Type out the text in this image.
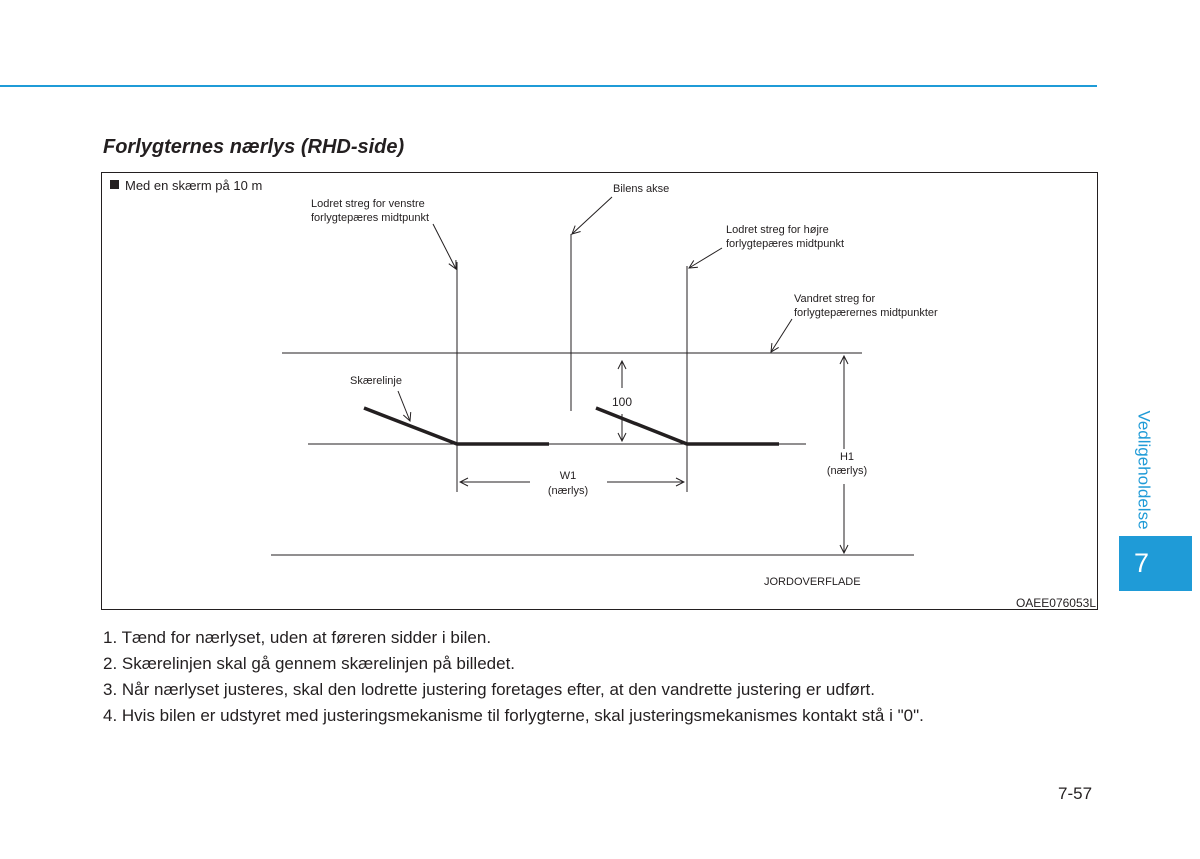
Forlygternes nærlys (RHD-side)
Med en skærm på 10 m	Bilens akse
Lodret streg for venstre
forlygtepæres midtpunkt
Lodret streg for højre
forlygtepæres midtpunkt
Vandret streg for
forlygtepærernes midtpunkter
Skærelinje
100
W1
(nærlys)
H1
(nærlys)
JORDOVERFLADE
OAEE076053L
1. Tænd for nærlyset, uden at føreren sidder i bilen.
2. Skærelinjen skal gå gennem skærelinjen på billedet.
3. Når nærlyset justeres, skal den lodrette justering foretages efter, at den vandrette justering er udført.
4. Hvis bilen er udstyret med justeringsmekanisme til forlygterne, skal justeringsmekanismes kontakt stå i "0".
Vedligeholdelse
7
7-57
